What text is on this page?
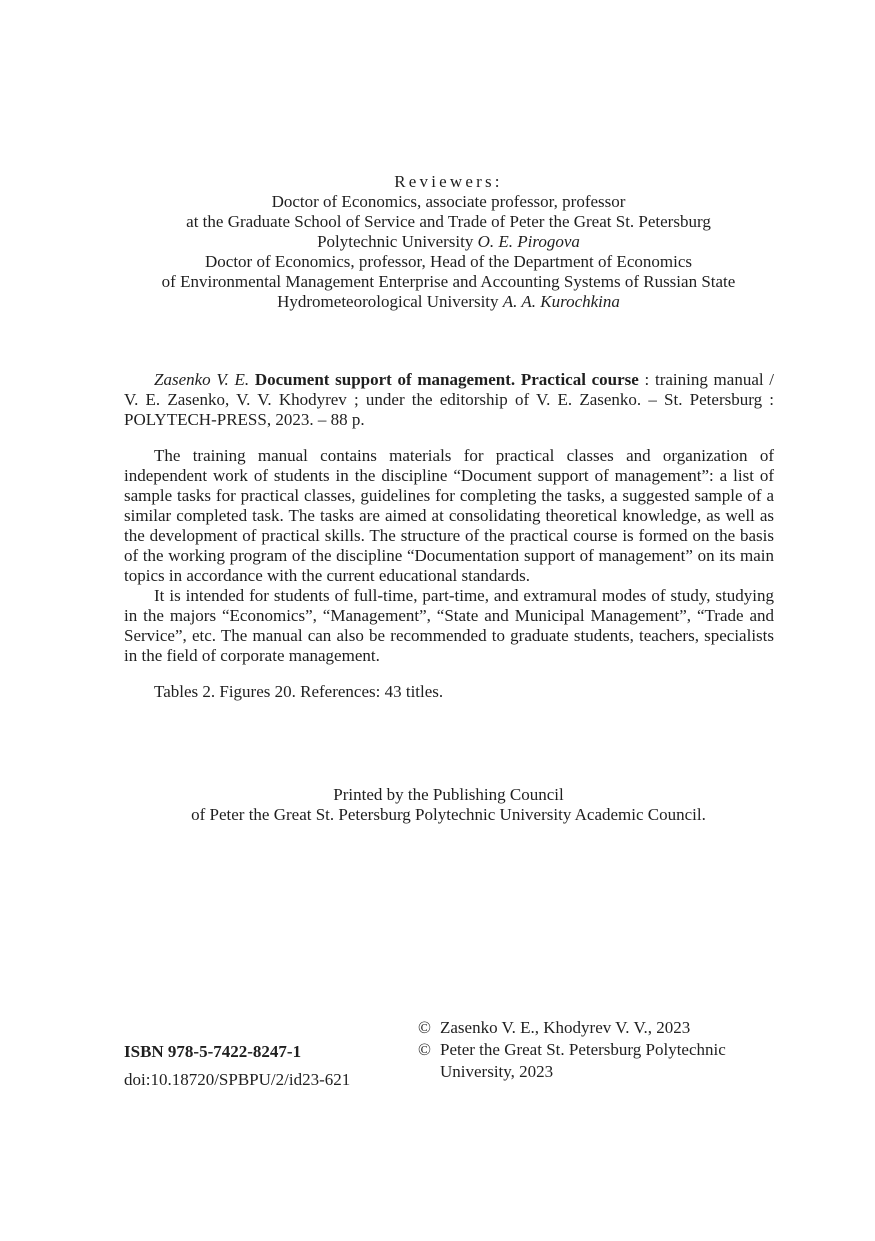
Reviewers:
Doctor of Economics, associate professor, professor
at the Graduate School of Service and Trade of Peter the Great St. Petersburg
Polytechnic University O. E. Pirogova
Doctor of Economics, professor, Head of the Department of Economics
of Environmental Management Enterprise and Accounting Systems of Russian State
Hydrometeorological University A. A. Kurochkina

Zasenko V. E. Document support of management. Practical course : training manual / V. E. Zasenko, V. V. Khodyrev ; under the editorship of V. E. Zasenko. – St. Petersburg : POLYTECH-PRESS, 2023. – 88 p.

The training manual contains materials for practical classes and organization of independent work of students in the discipline “Document support of management”: a list of sample tasks for practical classes, guidelines for completing the tasks, a suggested sample of a similar completed task. The tasks are aimed at consolidating theoretical knowledge, as well as the development of practical skills. The structure of the practical course is formed on the basis of the working program of the discipline “Documentation support of management” on its main topics in accordance with the current educational standards.

It is intended for students of full-time, part-time, and extramural modes of study, studying in the majors “Economics”, “Management”, “State and Municipal Management”, “Trade and Service”, etc. The manual can also be recommended to graduate students, teachers, specialists in the field of corporate management.

Tables 2. Figures 20. References: 43 titles.
Printed by the Publishing Council
of Peter the Great St. Petersburg Polytechnic University Academic Council.
ISBN 978-5-7422-8247-1
doi:10.18720/SPBPU/2/id23-621
© Zasenko V. E., Khodyrev V. V., 2023
© Peter the Great St. Petersburg Polytechnic University, 2023
